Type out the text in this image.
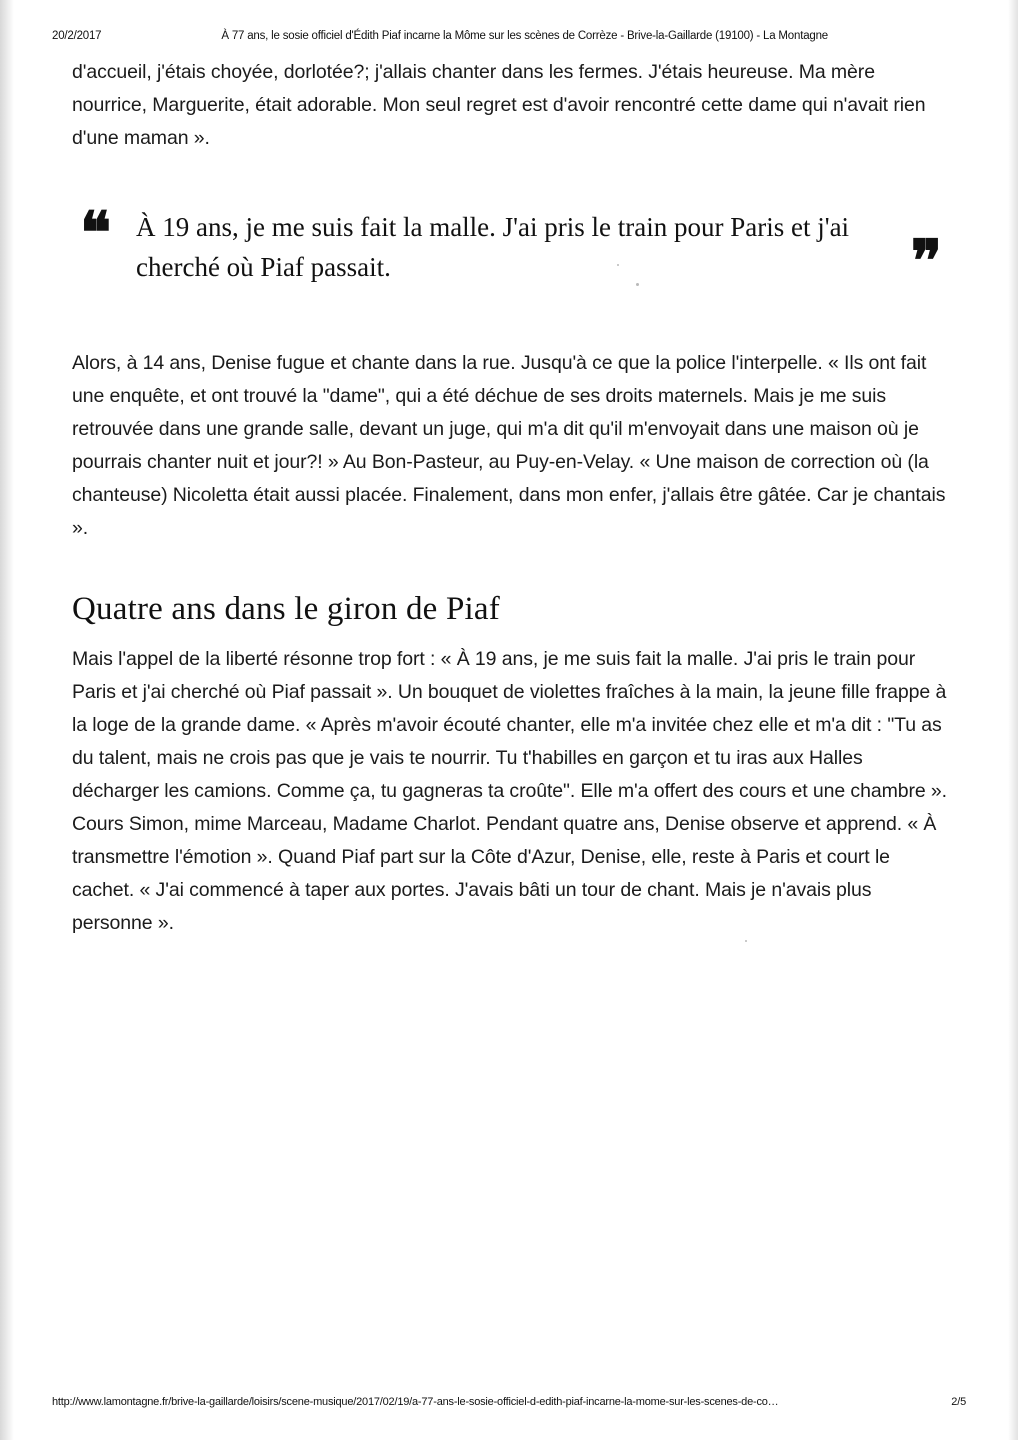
20/2/2017	À 77 ans, le sosie officiel d'Édith Piaf incarne la Môme sur les scènes de Corrèze - Brive-la-Gaillarde (19100) - La Montagne

d'accueil, j'étais choyée, dorlotée?; j'allais chanter dans les fermes. J'étais heureuse. Ma mère nourrice, Marguerite, était adorable. Mon seul regret est d'avoir rencontré cette dame qui n'avait rien d'une maman ».

❝ À 19 ans, je me suis fait la malle. J'ai pris le train pour Paris et j'ai cherché où Piaf passait.	❞

Alors, à 14 ans, Denise fugue et chante dans la rue. Jusqu'à ce que la police l'interpelle. « Ils ont fait une enquête, et ont trouvé la "dame", qui a été déchue de ses droits maternels. Mais je me suis retrouvée dans une grande salle, devant un juge, qui m'a dit qu'il m'envoyait dans une maison où je pourrais chanter nuit et jour?! » Au Bon-Pasteur, au Puy-en-Velay. « Une maison de correction où (la chanteuse) Nicoletta était aussi placée. Finalement, dans mon enfer, j'allais être gâtée. Car je chantais ».

Quatre ans dans le giron de Piaf

Mais l'appel de la liberté résonne trop fort : « À 19 ans, je me suis fait la malle. J'ai pris le train pour Paris et j'ai cherché où Piaf passait ». Un bouquet de violettes fraîches à la main, la jeune fille frappe à la loge de la grande dame. « Après m'avoir écouté chanter, elle m'a invitée chez elle et m'a dit : "Tu as du talent, mais ne crois pas que je vais te nourrir. Tu t'habilles en garçon et tu iras aux Halles décharger les camions. Comme ça, tu gagneras ta croûte". Elle m'a offert des cours et une chambre ». Cours Simon, mime Marceau, Madame Charlot. Pendant quatre ans, Denise observe et apprend. « À transmettre l'émotion ». Quand Piaf part sur la Côte d'Azur, Denise, elle, reste à Paris et court le cachet. « J'ai commencé à taper aux portes. J'avais bâti un tour de chant. Mais je n'avais plus personne ».

http://www.lamontagne.fr/brive-la-gaillarde/loisirs/scene-musique/2017/02/19/a-77-ans-le-sosie-officiel-d-edith-piaf-incarne-la-mome-sur-les-scenes-de-co…	2/5
